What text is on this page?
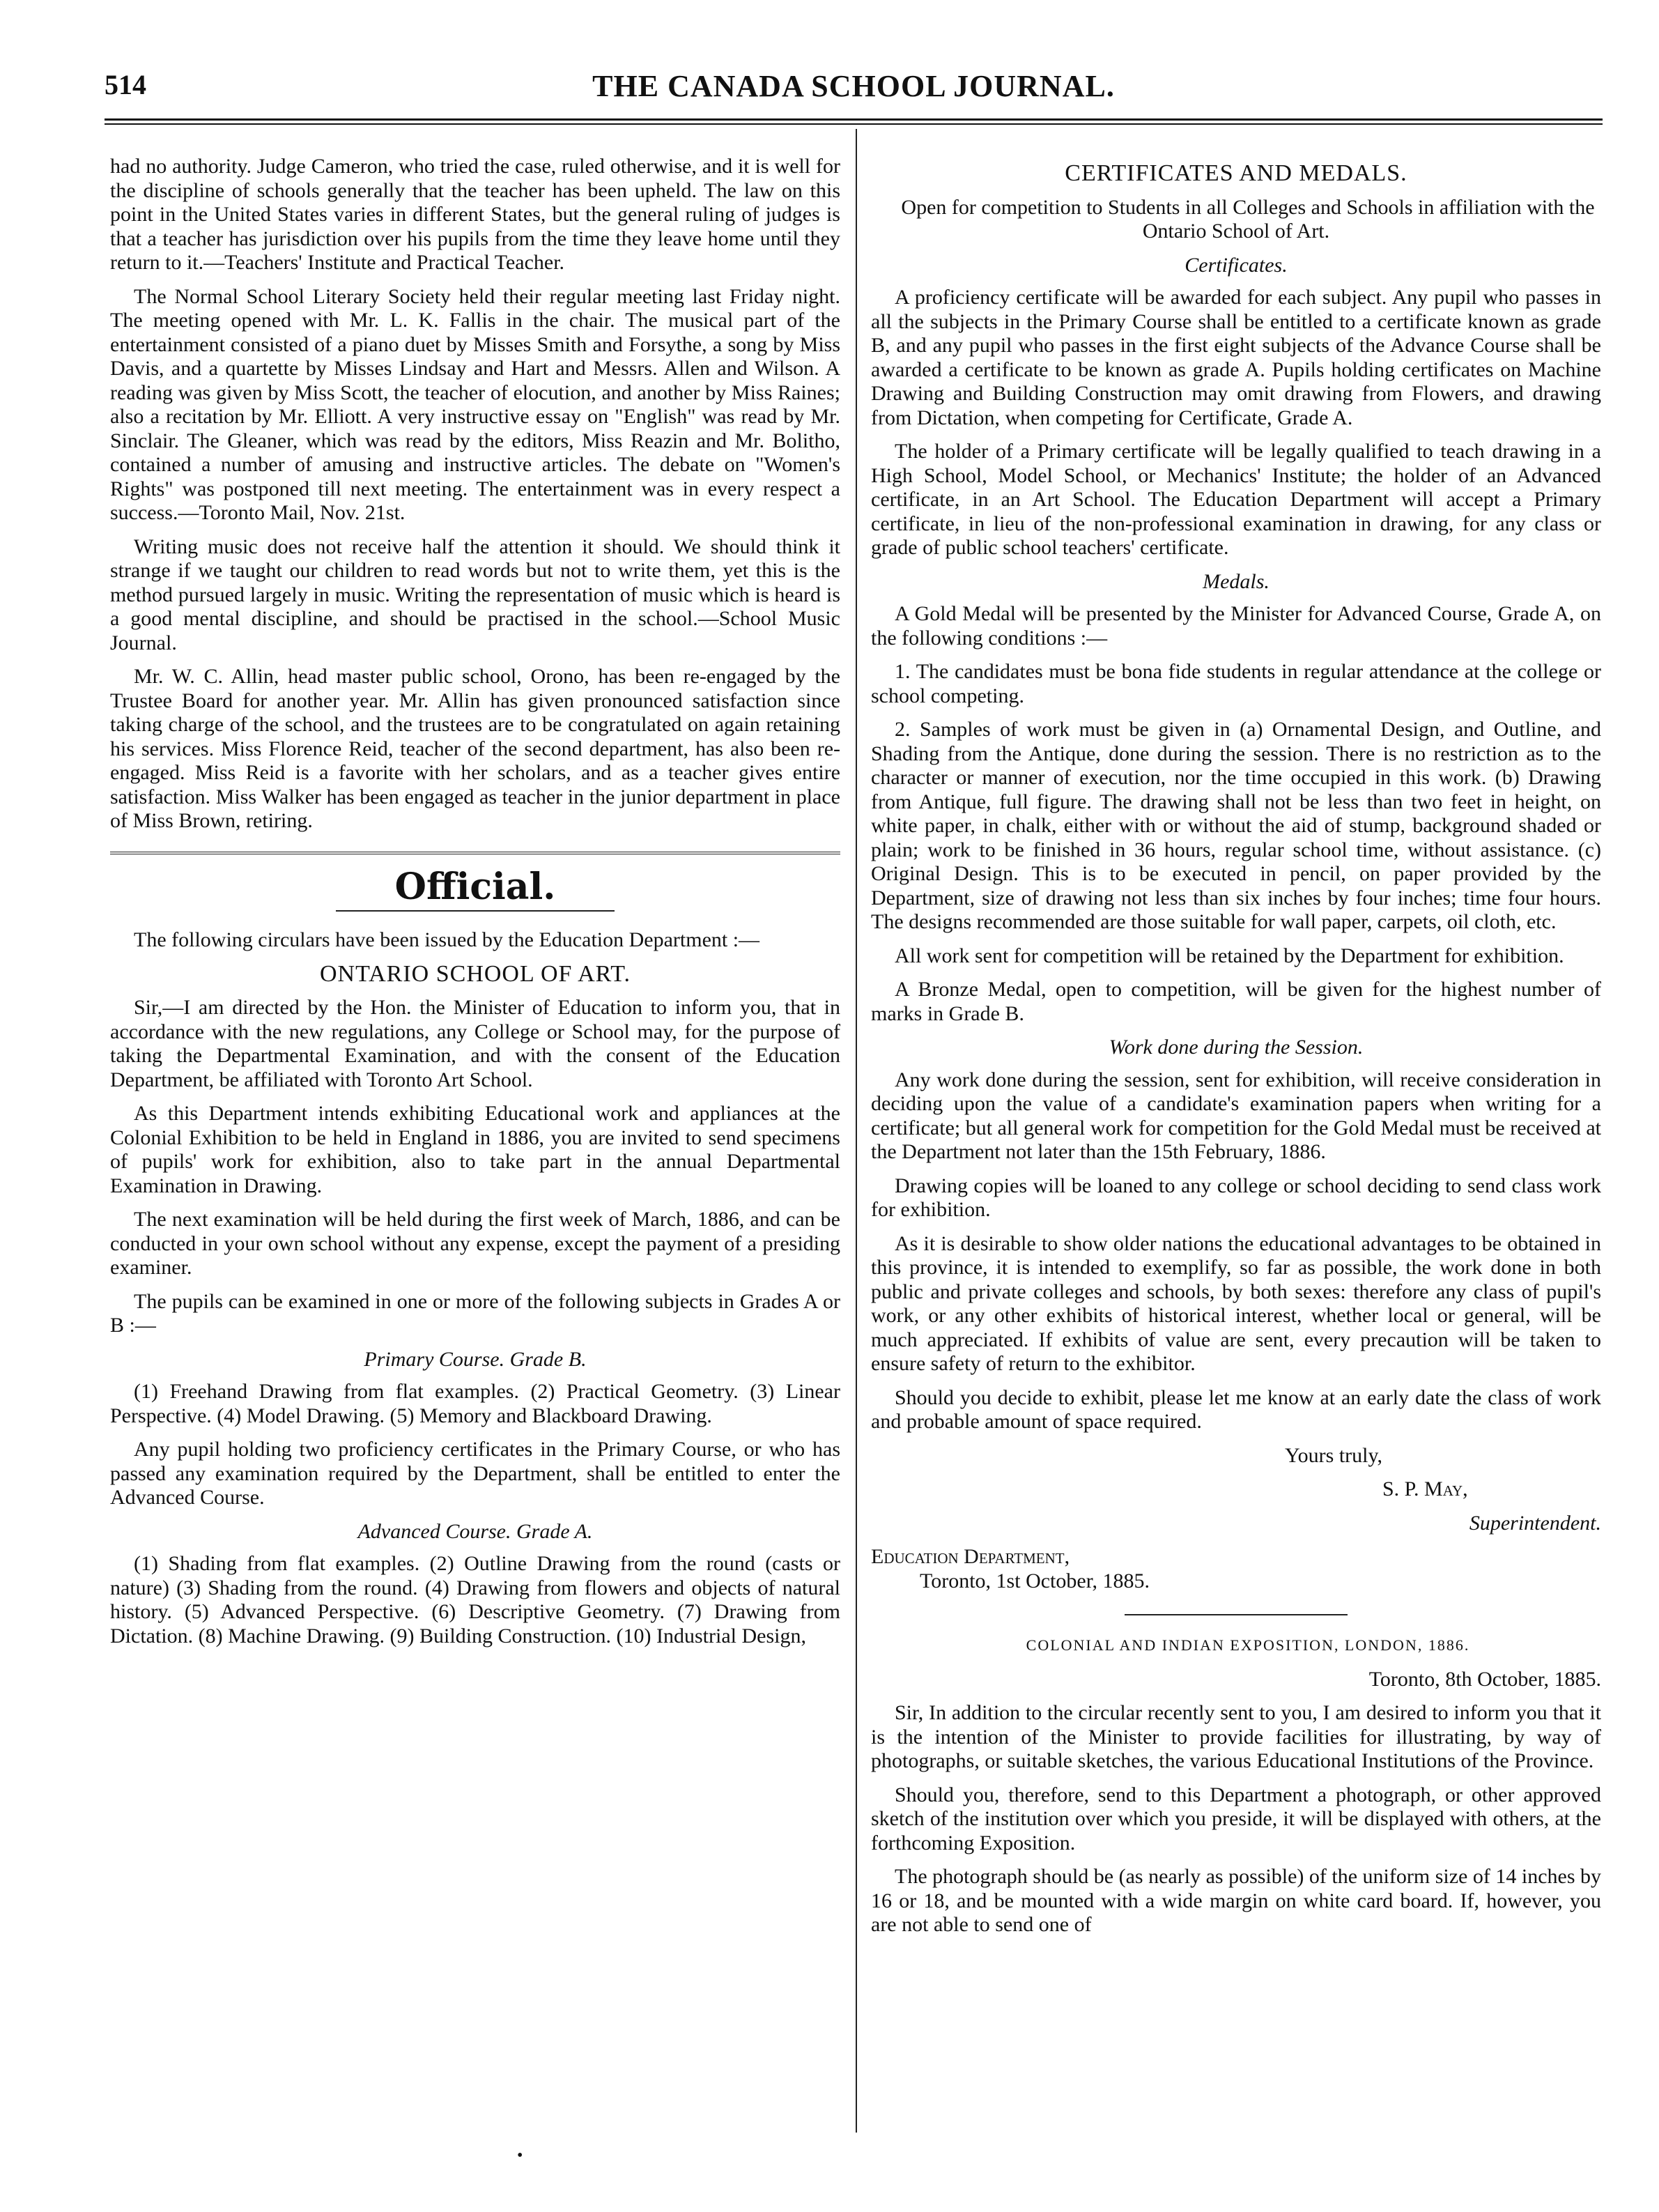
514	THE CANADA SCHOOL JOURNAL.

had no authority. Judge Cameron, who tried the case, ruled otherwise, and it is well for the discipline of schools generally that the teacher has been upheld. The law on this point in the United States varies in different States, but the general ruling of judges is that a teacher has jurisdiction over his pupils from the time they leave home until they return to it.—Teachers' Institute and Practical Teacher.

The Normal School Literary Society held their regular meeting last Friday night. The meeting opened with Mr. L. K. Fallis in the chair. The musical part of the entertainment consisted of a piano duet by Misses Smith and Forsythe, a song by Miss Davis, and a quartette by Misses Lindsay and Hart and Messrs. Allen and Wilson. A reading was given by Miss Scott, the teacher of elocution, and another by Miss Raines; also a recitation by Mr. Elliott. A very instructive essay on "English" was read by Mr. Sinclair. The Gleaner, which was read by the editors, Miss Reazin and Mr. Bolitho, contained a number of amusing and instructive articles. The debate on "Women's Rights" was postponed till next meeting. The entertainment was in every respect a success.—Toronto Mail, Nov. 21st.

Writing music does not receive half the attention it should. We should think it strange if we taught our children to read words but not to write them, yet this is the method pursued largely in music. Writing the representation of music which is heard is a good mental discipline, and should be practised in the school.—School Music Journal.

Mr. W. C. Allin, head master public school, Orono, has been re-engaged by the Trustee Board for another year. Mr. Allin has given pronounced satisfaction since taking charge of the school, and the trustees are to be congratulated on again retaining his services. Miss Florence Reid, teacher of the second department, has also been re-engaged. Miss Reid is a favorite with her scholars, and as a teacher gives entire satisfaction. Miss Walker has been engaged as teacher in the junior department in place of Miss Brown, retiring.

Official.

The following circulars have been issued by the Education Department :—

ONTARIO SCHOOL OF ART.

Sir,—I am directed by the Hon. the Minister of Education to inform you, that in accordance with the new regulations, any College or School may, for the purpose of taking the Departmental Examination, and with the consent of the Education Department, be affiliated with Toronto Art School.

As this Department intends exhibiting Educational work and appliances at the Colonial Exhibition to be held in England in 1886, you are invited to send specimens of pupils' work for exhibition, also to take part in the annual Departmental Examination in Drawing.

The next examination will be held during the first week of March, 1886, and can be conducted in your own school without any expense, except the payment of a presiding examiner.

The pupils can be examined in one or more of the following subjects in Grades A or B :—

Primary Course. Grade B.

(1) Freehand Drawing from flat examples. (2) Practical Geometry. (3) Linear Perspective. (4) Model Drawing. (5) Memory and Blackboard Drawing.

Any pupil holding two proficiency certificates in the Primary Course, or who has passed any examination required by the Department, shall be entitled to enter the Advanced Course.

Advanced Course. Grade A.

(1) Shading from flat examples. (2) Outline Drawing from the round (casts or nature) (3) Shading from the round. (4) Drawing from flowers and objects of natural history. (5) Advanced Perspective. (6) Descriptive Geometry. (7) Drawing from Dictation. (8) Machine Drawing. (9) Building Construction. (10) Industrial Design,

CERTIFICATES AND MEDALS.

Open for competition to Students in all Colleges and Schools in affiliation with the Ontario School of Art.

Certificates.

A proficiency certificate will be awarded for each subject. Any pupil who passes in all the subjects in the Primary Course shall be entitled to a certificate known as grade B, and any pupil who passes in the first eight subjects of the Advance Course shall be awarded a certificate to be known as grade A. Pupils holding certificates on Machine Drawing and Building Construction may omit drawing from Flowers, and drawing from Dictation, when competing for Certificate, Grade A.

The holder of a Primary certificate will be legally qualified to teach drawing in a High School, Model School, or Mechanics' Institute; the holder of an Advanced certificate, in an Art School. The Education Department will accept a Primary certificate, in lieu of the non-professional examination in drawing, for any class or grade of public school teachers' certificate.

Medals.

A Gold Medal will be presented by the Minister for Advanced Course, Grade A, on the following conditions :—

1. The candidates must be bona fide students in regular attendance at the college or school competing.

2. Samples of work must be given in (a) Ornamental Design, and Outline, and Shading from the Antique, done during the session. There is no restriction as to the character or manner of execution, nor the time occupied in this work. (b) Drawing from Antique, full figure. The drawing shall not be less than two feet in height, on white paper, in chalk, either with or without the aid of stump, background shaded or plain; work to be finished in 36 hours, regular school time, without assistance. (c) Original Design. This is to be executed in pencil, on paper provided by the Department, size of drawing not less than six inches by four inches; time four hours. The designs recommended are those suitable for wall paper, carpets, oil cloth, etc.

All work sent for competition will be retained by the Department for exhibition.

A Bronze Medal, open to competition, will be given for the highest number of marks in Grade B.

Work done during the Session.

Any work done during the session, sent for exhibition, will receive consideration in deciding upon the value of a candidate's examination papers when writing for a certificate; but all general work for competition for the Gold Medal must be received at the Department not later than the 15th February, 1886.

Drawing copies will be loaned to any college or school deciding to send class work for exhibition.

As it is desirable to show older nations the educational advantages to be obtained in this province, it is intended to exemplify, so far as possible, the work done in both public and private colleges and schools, by both sexes: therefore any class of pupil's work, or any other exhibits of historical interest, whether local or general, will be much appreciated. If exhibits of value are sent, every precaution will be taken to ensure safety of return to the exhibitor.

Should you decide to exhibit, please let me know at an early date the class of work and probable amount of space required.

Yours truly,

S. P. May,

Superintendent.

Education Department,

Toronto, 1st October, 1885.

COLONIAL AND INDIAN EXPOSITION, LONDON, 1886.

Toronto, 8th October, 1885.

Sir, In addition to the circular recently sent to you, I am desired to inform you that it is the intention of the Minister to provide facilities for illustrating, by way of photographs, or suitable sketches, the various Educational Institutions of the Province.

Should you, therefore, send to this Department a photograph, or other approved sketch of the institution over which you preside, it will be displayed with others, at the forthcoming Exposition.

The photograph should be (as nearly as possible) of the uniform size of 14 inches by 16 or 18, and be mounted with a wide margin on white card board. If, however, you are not able to send one of

•
